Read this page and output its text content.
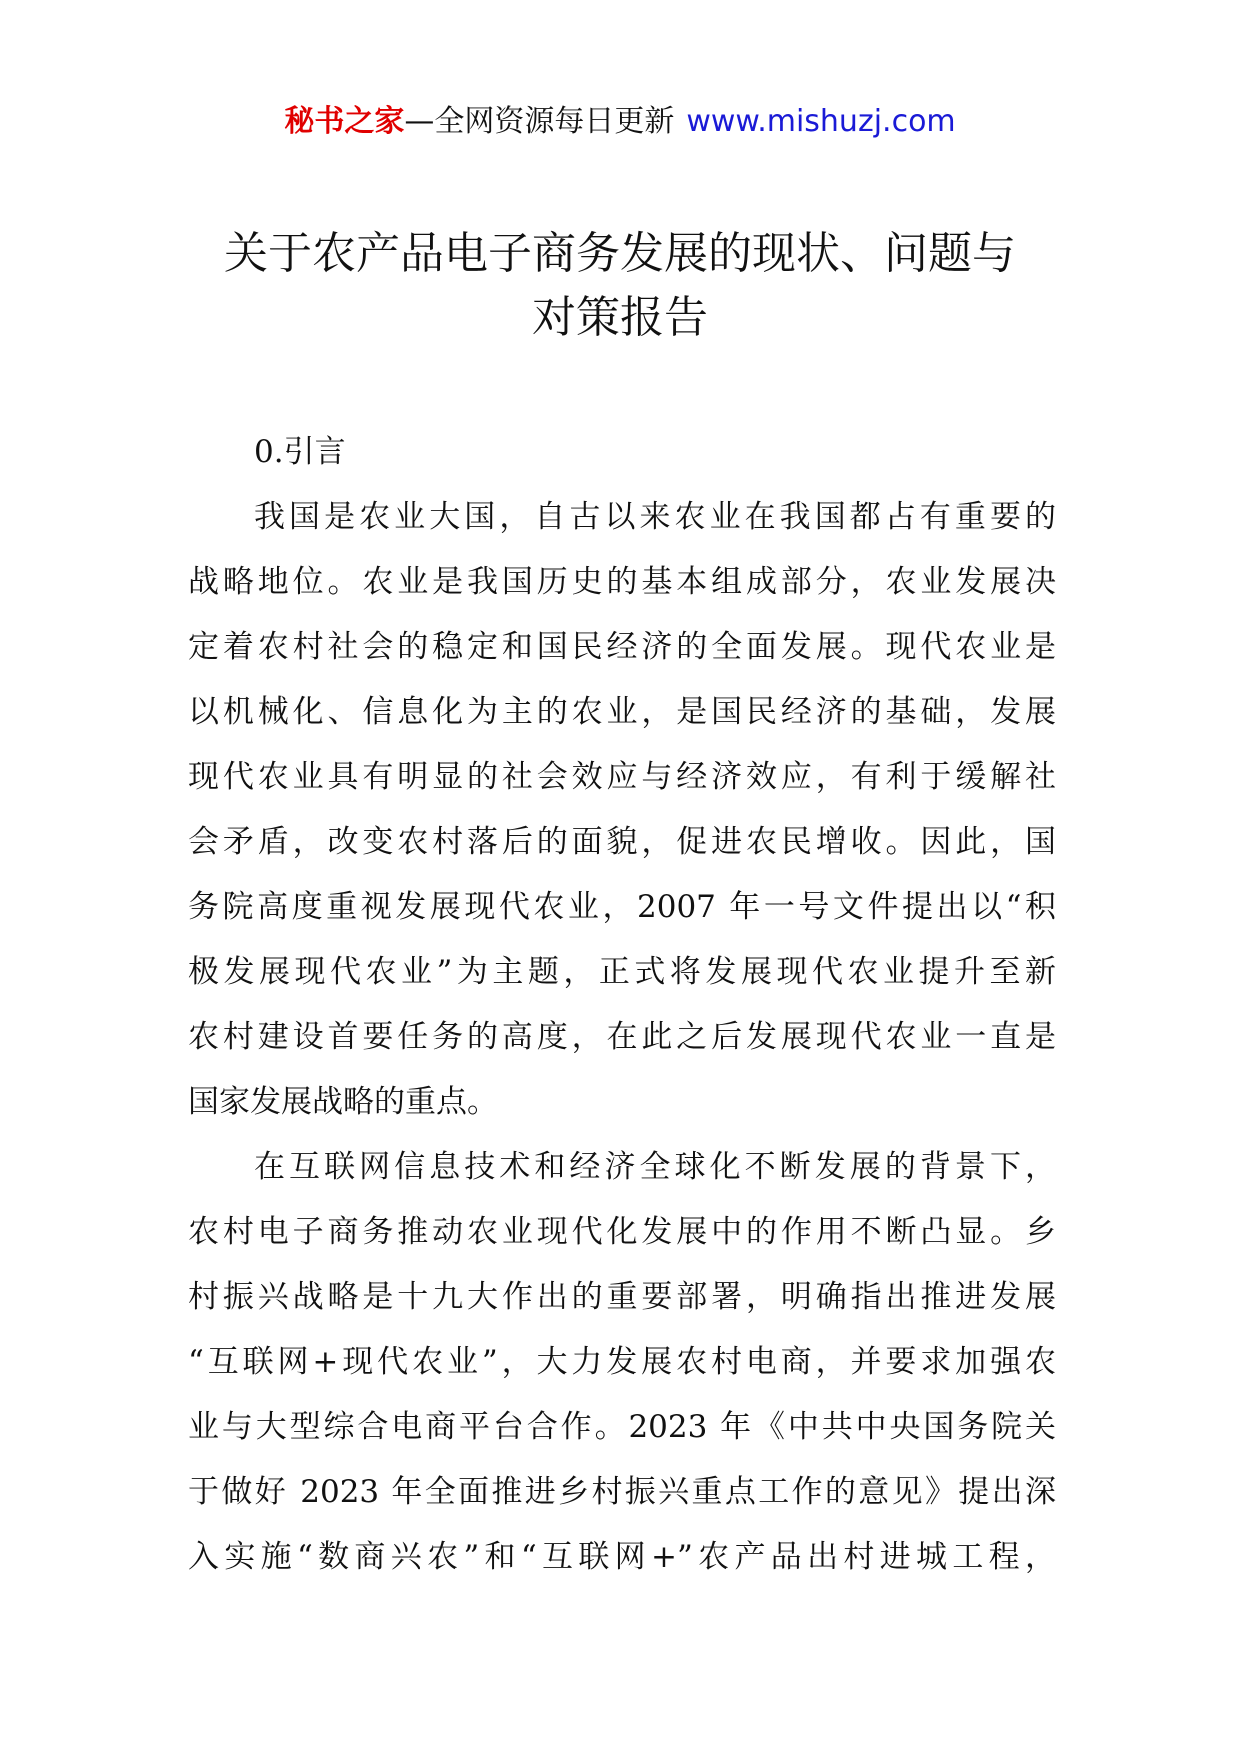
秘书之家—全网资源每日更新 www.mishuzj.com
关于农产品电子商务发展的现状、问题与
对策报告

0.引言

我国是农业大国，自古以来农业在我国都占有重要的
战略地位。农业是我国历史的基本组成部分，农业发展决
定着农村社会的稳定和国民经济的全面发展。现代农业是
以机械化、信息化为主的农业，是国民经济的基础，发展
现代农业具有明显的社会效应与经济效应，有利于缓解社
会矛盾，改变农村落后的面貌，促进农民增收。因此，国
务院高度重视发展现代农业，2007 年一号文件提出以“积
极发展现代农业”为主题，正式将发展现代农业提升至新
农村建设首要任务的高度，在此之后发展现代农业一直是
国家发展战略的重点。

在互联网信息技术和经济全球化不断发展的背景下，
农村电子商务推动农业现代化发展中的作用不断凸显。乡
村振兴战略是十九大作出的重要部署，明确指出推进发展
“互联网+现代农业”，大力发展农村电商，并要求加强农
业与大型综合电商平台合作。2023 年《中共中央国务院关
于做好 2023 年全面推进乡村振兴重点工作的意见》提出深
入实施“数商兴农”和“互联网+”农产品出村进城工程，
